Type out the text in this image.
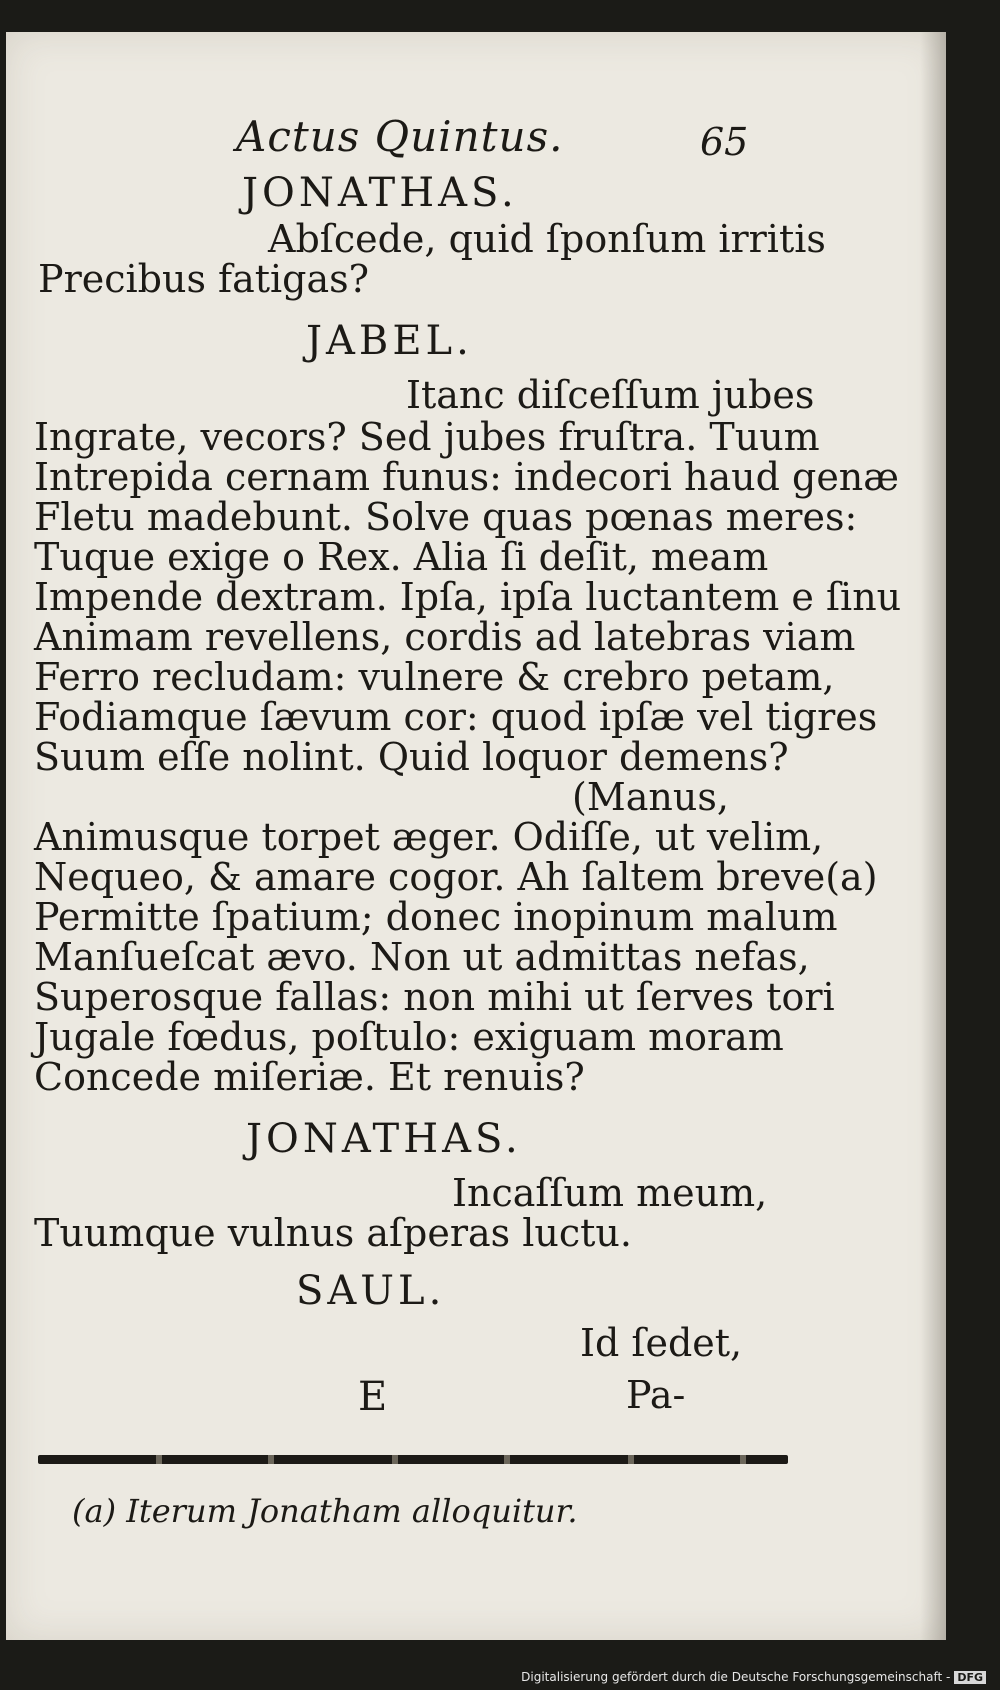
Actus Quintus.	65
JONATHAS.
Abſcede, quid ſponſum irritis
Precibus fatigas?
JABEL.
Itanc diſceſſum jubes
Ingrate, vecors? Sed jubes fruſtra. Tuum
Intrepida cernam funus: indecori haud genæ
Fletu madebunt. Solve quas pœnas meres:
Tuque exige o Rex. Alia ſi deſit, meam
Impende dextram. Ipſa, ipſa luctantem e ſinu
Animam revellens, cordis ad latebras viam
Ferro recludam: vulnere & crebro petam,
Fodiamque ſævum cor: quod ipſæ vel tigres
Suum eſſe nolint. Quid loquor demens?
(Manus,
Animusque torpet æger. Odiſſe, ut velim,
Nequeo, & amare cogor. Ah ſaltem breve(a)
Permitte ſpatium; donec inopinum malum
Manſueſcat ævo. Non ut admittas nefas,
Superosque fallas: non mihi ut ſerves tori
Jugale fœdus, poſtulo: exiguam moram
Concede miſeriæ. Et renuis?
JONATHAS.
Incaſſum meum,
Tuumque vulnus aſperas luctu.
SAUL.
Id ſedet,
E	Pa-
(a) Iterum Jonatham alloquitur.
Digitalisierung gefördert durch die Deutsche Forschungsgemeinschaft - DFG
